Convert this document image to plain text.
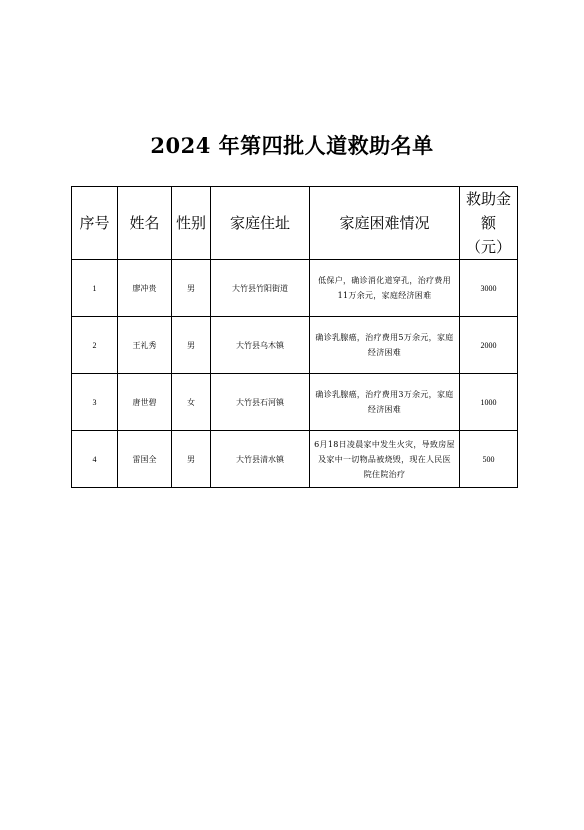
2024 年第四批人道救助名单
序号	姓名	性别	家庭住址	家庭困难情况	救助金
额（元）

1	廖冲贵	男	大竹县竹阳街道	低保户，确诊消化道穿孔，治疗费用11万余元，家庭经济困难	3000
2	王礼秀	男	大竹县乌木镇	确诊乳腺癌，治疗费用5万余元，家庭经济困难	2000
3	唐世碧	女	大竹县石河镇	确诊乳腺癌，治疗费用3万余元，家庭经济困难	1000
4	雷国全	男	大竹县清水镇	6月18日凌晨家中发生火灾，导致房屋及家中一切物品被烧毁，现在人民医院住院治疗	500
